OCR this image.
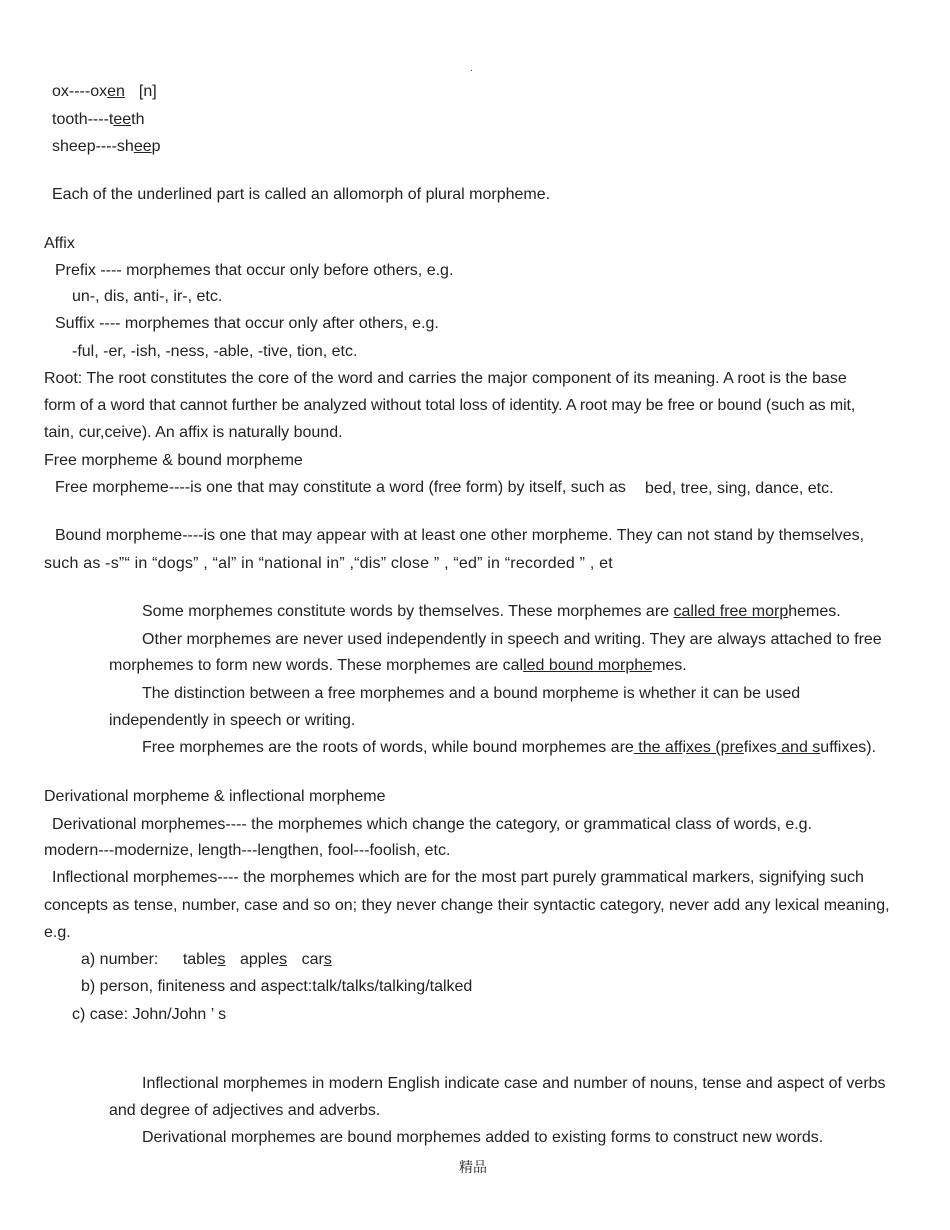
.
ox----oxen [n]
tooth----teeth
sheep----sheep
Each of the underlined part is called an allomorph of plural morpheme.
Affix
Prefix ---- morphemes that occur only before others, e.g.
un-, dis, anti-, ir-, etc.
Suffix ---- morphemes that occur only after others, e.g.
-ful, -er, -ish, -ness, -able, -tive, tion, etc.
Root: The root constitutes the core of the word and carries the major component of its meaning. A root is the base
form of a word that cannot further be analyzed without total loss of identity. A root may be free or bound (such as mit,
tain, cur,ceive). An affix is naturally bound.
Free morpheme & bound morpheme
Free morpheme----is one that may constitute a word (free form) by itself, such as bed, tree, sing, dance, etc.
Bound morpheme----is one that may appear with at least one other morpheme. They can not stand by themselves,
such as -s”“ in “dogs” , “al” in “national in” ,“dis” close ” , “ed” in “recorded ” , et
Some morphemes constitute words by themselves. These morphemes are called free morphemes.
Other morphemes are never used independently in speech and writing. They are always attached to free
morphemes to form new words. These morphemes are called bound morphemes.
The distinction between a free morphemes and a bound morpheme is whether it can be used
independently in speech or writing.
Free morphemes are the roots of words, while bound morphemes are the affixes (prefixes and suffixes).
Derivational morpheme & inflectional morpheme
Derivational morphemes---- the morphemes which change the category, or grammatical class of words, e.g.
modern---modernize, length---lengthen, fool---foolish, etc.
Inflectional morphemes---- the morphemes which are for the most part purely grammatical markers, signifying such
concepts as tense, number, case and so on; they never change their syntactic category, never add any lexical meaning,
e.g.
a) number: tables apples cars
b) person, finiteness and aspect:talk/talks/talking/talked
c) case: John/John ’ s
Inflectional morphemes in modern English indicate case and number of nouns, tense and aspect of verbs
and degree of adjectives and adverbs.
Derivational morphemes are bound morphemes added to existing forms to construct new words.
精品
